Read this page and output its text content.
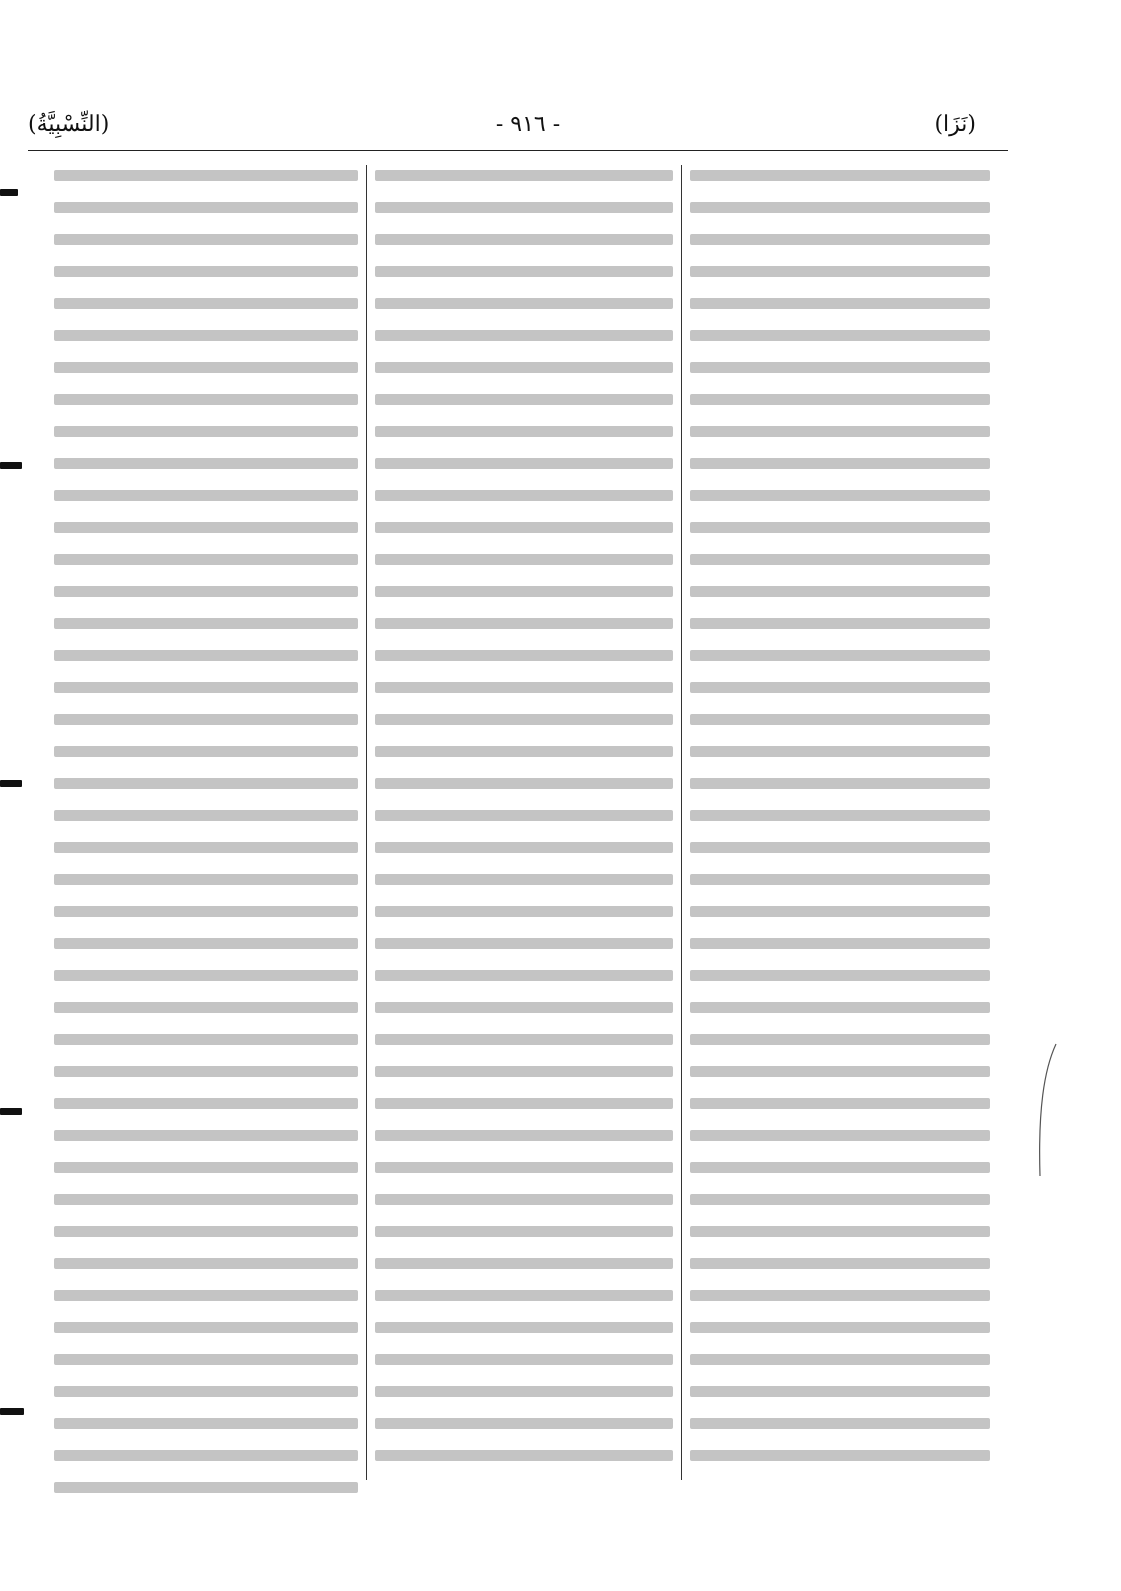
(نَزَا)
- ٩١٦ -
(النِّسْبِيَّةُ)
